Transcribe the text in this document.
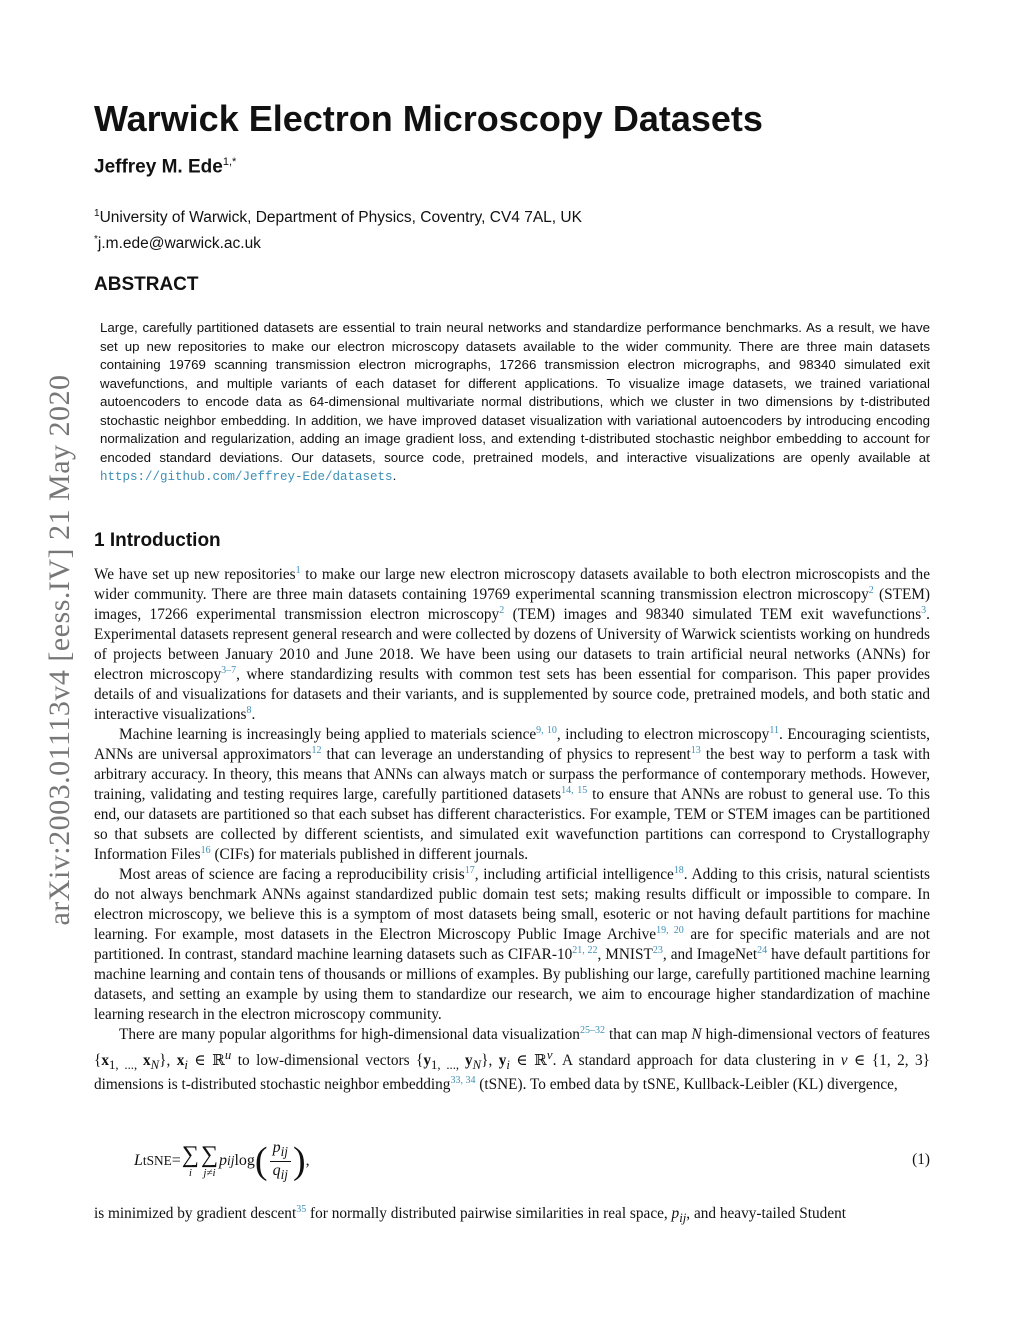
arXiv:2003.01113v4 [eess.IV] 21 May 2020
Warwick Electron Microscopy Datasets
Jeffrey M. Ede$^{1,*}$
$^1$University of Warwick, Department of Physics, Coventry, CV4 7AL, UK
*j.m.ede@warwick.ac.uk
ABSTRACT
Large, carefully partitioned datasets are essential to train neural networks and standardize performance benchmarks. As a result, we have set up new repositories to make our electron microscopy datasets available to the wider community. There are three main datasets containing 19769 scanning transmission electron micrographs, 17266 transmission electron micrographs, and 98340 simulated exit wavefunctions, and multiple variants of each dataset for different applications. To visualize image datasets, we trained variational autoencoders to encode data as 64-dimensional multivariate normal distributions, which we cluster in two dimensions by t-distributed stochastic neighbor embedding. In addition, we have improved dataset visualization with variational autoencoders by introducing encoding normalization and regularization, adding an image gradient loss, and extending t-distributed stochastic neighbor embedding to account for encoded standard deviations. Our datasets, source code, pretrained models, and interactive visualizations are openly available at https://github.com/Jeffrey-Ede/datasets.
1 Introduction

We have set up new repositories$^1$ to make our large new electron microscopy datasets available to both electron microscopists and the wider community. There are three main datasets containing 19769 experimental scanning transmission electron microscopy$^2$ (STEM) images, 17266 experimental transmission electron microscopy$^2$ (TEM) images and 98340 simulated TEM exit wavefunctions$^3$. Experimental datasets represent general research and were collected by dozens of University of Warwick scientists working on hundreds of projects between January 2010 and June 2018. We have been using our datasets to train artificial neural networks (ANNs) for electron microscopy$^{3-7}$, where standardizing results with common test sets has been essential for comparison. This paper provides details of and visualizations for datasets and their variants, and is supplemented by source code, pretrained models, and both static and interactive visualizations$^8$.

Machine learning is increasingly being applied to materials science$^{9, 10}$, including to electron microscopy$^{11}$. Encouraging scientists, ANNs are universal approximators$^{12}$ that can leverage an understanding of physics to represent$^{13}$ the best way to perform a task with arbitrary accuracy. In theory, this means that ANNs can always match or surpass the performance of contemporary methods. However, training, validating and testing requires large, carefully partitioned datasets$^{14, 15}$ to ensure that ANNs are robust to general use. To this end, our datasets are partitioned so that each subset has different characteristics. For example, TEM or STEM images can be partitioned so that subsets are collected by different scientists, and simulated exit wavefunction partitions can correspond to Crystallography Information Files$^{16}$ (CIFs) for materials published in different journals.

Most areas of science are facing a reproducibility crisis$^{17}$, including artificial intelligence$^{18}$. Adding to this crisis, natural scientists do not always benchmark ANNs against standardized public domain test sets; making results difficult or impossible to compare. In electron microscopy, we believe this is a symptom of most datasets being small, esoteric or not having default partitions for machine learning. For example, most datasets in the Electron Microscopy Public Image Archive$^{19, 20}$ are for specific materials and are not partitioned. In contrast, standard machine learning datasets such as CIFAR-10$^{21, 22}$, MNIST$^{23}$, and ImageNet$^{24}$ have default partitions for machine learning and contain tens of thousands or millions of examples. By publishing our large, carefully partitioned machine learning datasets, and setting an example by using them to standardize our research, we aim to encourage higher standardization of machine learning research in the electron microscopy community.

There are many popular algorithms for high-dimensional data visualization$^{25-32}$ that can map N high-dimensional vectors of features {$x_{1, ...,}$ $x_N$}, $x_i$ ∈ ℝ$^u$ to low-dimensional vectors {$y_{1, ...,}$ $y_N$}, $y_i$ ∈ ℝ$^v$. A standard approach for data clustering in v ∈ {1, 2, 3} dimensions is t-distributed stochastic neighbor embedding$^{33, 34}$ (tSNE). To embed data by tSNE, Kullback-Leibler (KL) divergence,

L tSNE = ∑
i
∑
j≠i
p ij log ( $\frac{p_{ij}}{q_{ij}}$ ) ,	(1)
is minimized by gradient descent$^{35}$ for normally distributed pairwise similarities in real space, $p_{ij}$, and heavy-tailed Student
